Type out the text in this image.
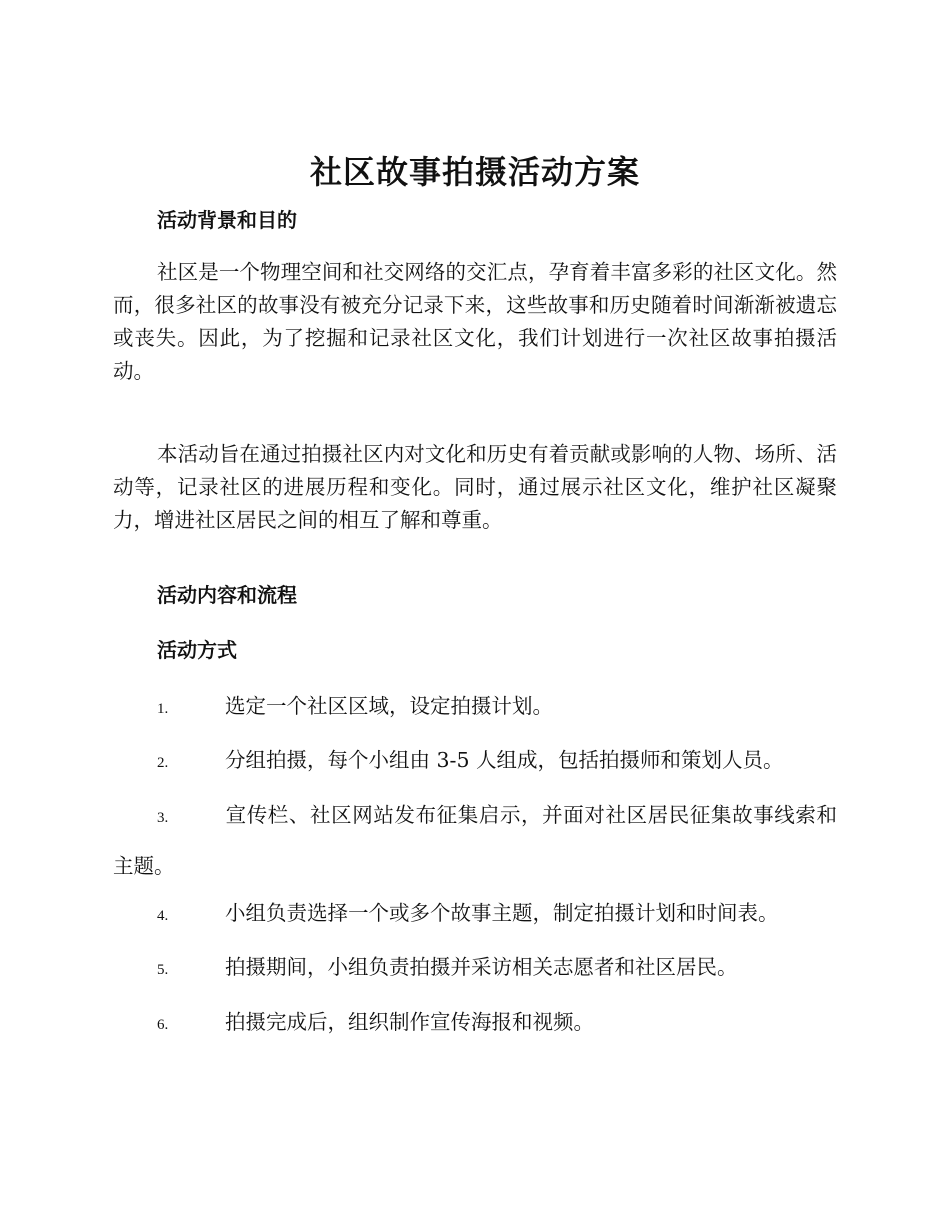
社区故事拍摄活动方案
活动背景和目的
社区是一个物理空间和社交网络的交汇点，孕育着丰富多彩的社区文化。然而，很多社区的故事没有被充分记录下来，这些故事和历史随着时间渐渐被遗忘或丧失。因此，为了挖掘和记录社区文化，我们计划进行一次社区故事拍摄活动。
本活动旨在通过拍摄社区内对文化和历史有着贡献或影响的人物、场所、活动等，记录社区的进展历程和变化。同时，通过展示社区文化，维护社区凝聚力，增进社区居民之间的相互了解和尊重。
活动内容和流程
活动方式
1.	选定一个社区区域，设定拍摄计划。
2.	分组拍摄，每个小组由 3-5 人组成，包括拍摄师和策划人员。
3.	宣传栏、社区网站发布征集启示，并面对社区居民征集故事线索和主题。
4.	小组负责选择一个或多个故事主题，制定拍摄计划和时间表。
5.	拍摄期间，小组负责拍摄并采访相关志愿者和社区居民。
6.	拍摄完成后，组织制作宣传海报和视频。
